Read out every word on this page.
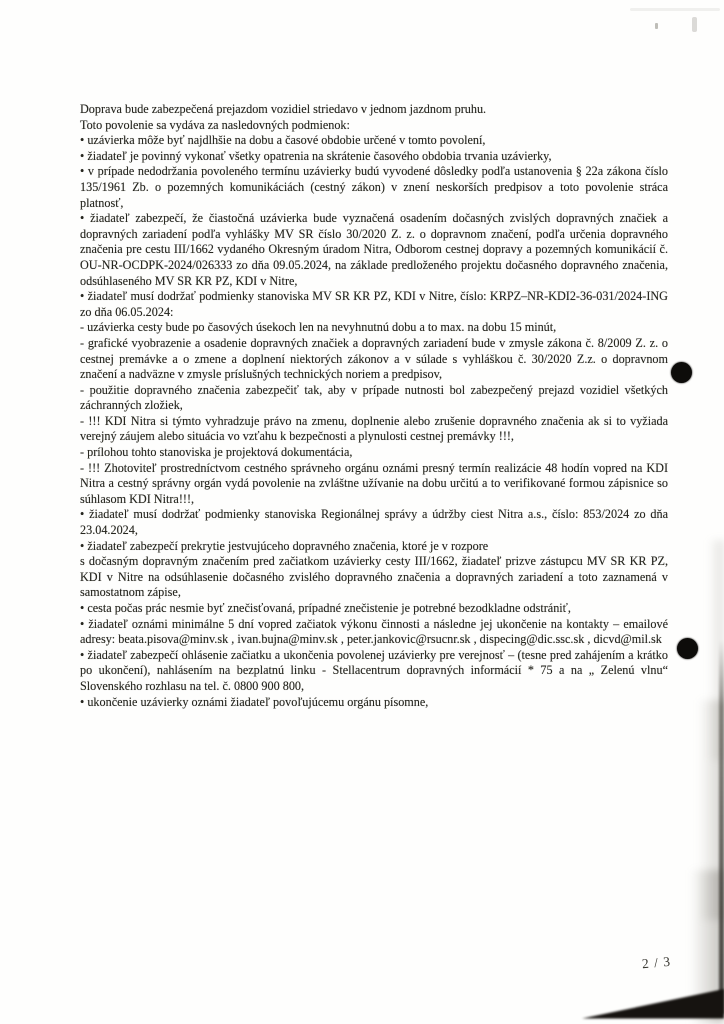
Doprava bude zabezpečená prejazdom vozidiel striedavo v jednom jazdnom pruhu.

Toto povolenie sa vydáva za nasledovných podmienok:

• uzávierka môže byť najdlhšie na dobu a časové obdobie určené v tomto povolení,

• žiadateľ je povinný vykonať všetky opatrenia na skrátenie časového obdobia trvania uzávierky,

• v prípade nedodržania povoleného termínu uzávierky budú vyvodené dôsledky podľa ustanovenia § 22a zákona číslo 135/1961 Zb. o pozemných komunikáciách (cestný zákon) v znení neskorších predpisov a toto povolenie stráca platnosť,

• žiadateľ zabezpečí, že čiastočná uzávierka bude vyznačená osadením dočasných zvislých dopravných značiek a dopravných zariadení podľa vyhlášky MV SR číslo 30/2020 Z. z. o dopravnom značení, podľa určenia dopravného značenia pre cestu III/1662 vydaného Okresným úradom Nitra, Odborom cestnej dopravy a pozemných komunikácií č. OU-NR-OCDPK-2024/026333 zo dňa 09.05.2024, na základe predloženého projektu dočasného dopravného značenia, odsúhlaseného MV SR KR PZ, KDI v Nitre,

• žiadateľ musí dodržať podmienky stanoviska MV SR KR PZ, KDI v Nitre, číslo: KRPZ–NR-KDI2-36-031/2024-ING zo dňa 06.05.2024:

- uzávierka cesty bude po časových úsekoch len na nevyhnutnú dobu a to max. na dobu 15 minút,

- grafické vyobrazenie a osadenie dopravných značiek a dopravných zariadení bude v zmysle zákona č. 8/2009 Z. z. o cestnej premávke a o zmene a doplnení niektorých zákonov a v súlade s vyhláškou č. 30/2020 Z.z. o dopravnom značení a nadväzne v zmysle príslušných technických noriem a predpisov,

- použitie dopravného značenia zabezpečiť tak, aby v prípade nutnosti bol zabezpečený prejazd vozidiel všetkých záchranných zložiek,

- !!! KDI Nitra si týmto vyhradzuje právo na zmenu, doplnenie alebo zrušenie dopravného značenia ak si to vyžiada verejný záujem alebo situácia vo vzťahu k bezpečnosti a plynulosti cestnej premávky !!!,

- prílohou tohto stanoviska je projektová dokumentácia,

- !!! Zhotoviteľ prostredníctvom cestného správneho orgánu oznámi presný termín realizácie 48 hodín vopred na KDI Nitra a cestný správny orgán vydá povolenie na zvláštne užívanie na dobu určitú a to verifikované formou zápisnice so súhlasom KDI Nitra!!!,

• žiadateľ musí dodržať podmienky stanoviska Regionálnej správy a údržby ciest Nitra a.s., číslo: 853/2024 zo dňa 23.04.2024,

• žiadateľ zabezpečí prekrytie jestvujúceho dopravného značenia, ktoré je v rozpore

s dočasným dopravným značením pred začiatkom uzávierky cesty III/1662, žiadateľ prizve zástupcu MV SR KR PZ, KDI v Nitre na odsúhlasenie dočasného zvislého dopravného značenia a dopravných zariadení a toto zaznamená v samostatnom zápise,

• cesta počas prác nesmie byť znečisťovaná, prípadné znečistenie je potrebné bezodkladne odstrániť,

• žiadateľ oznámi minimálne 5 dní vopred začiatok výkonu činnosti a následne jej ukončenie na kontakty – emailové adresy: beata.pisova@minv.sk , ivan.bujna@minv.sk , peter.jankovic@rsucnr.sk , dispecing@dic.ssc.sk , dicvd@mil.sk

• žiadateľ zabezpečí ohlásenie začiatku a ukončenia povolenej uzávierky pre verejnosť – (tesne pred zahájením a krátko po ukončení), nahlásením na bezplatnú linku - Stellacentrum dopravných informácií * 75 a na „ Zelenú vlnu“ Slovenského rozhlasu na tel. č. 0800 900 800,

• ukončenie uzávierky oznámi žiadateľ povoľujúcemu orgánu písomne,

2 / 3
